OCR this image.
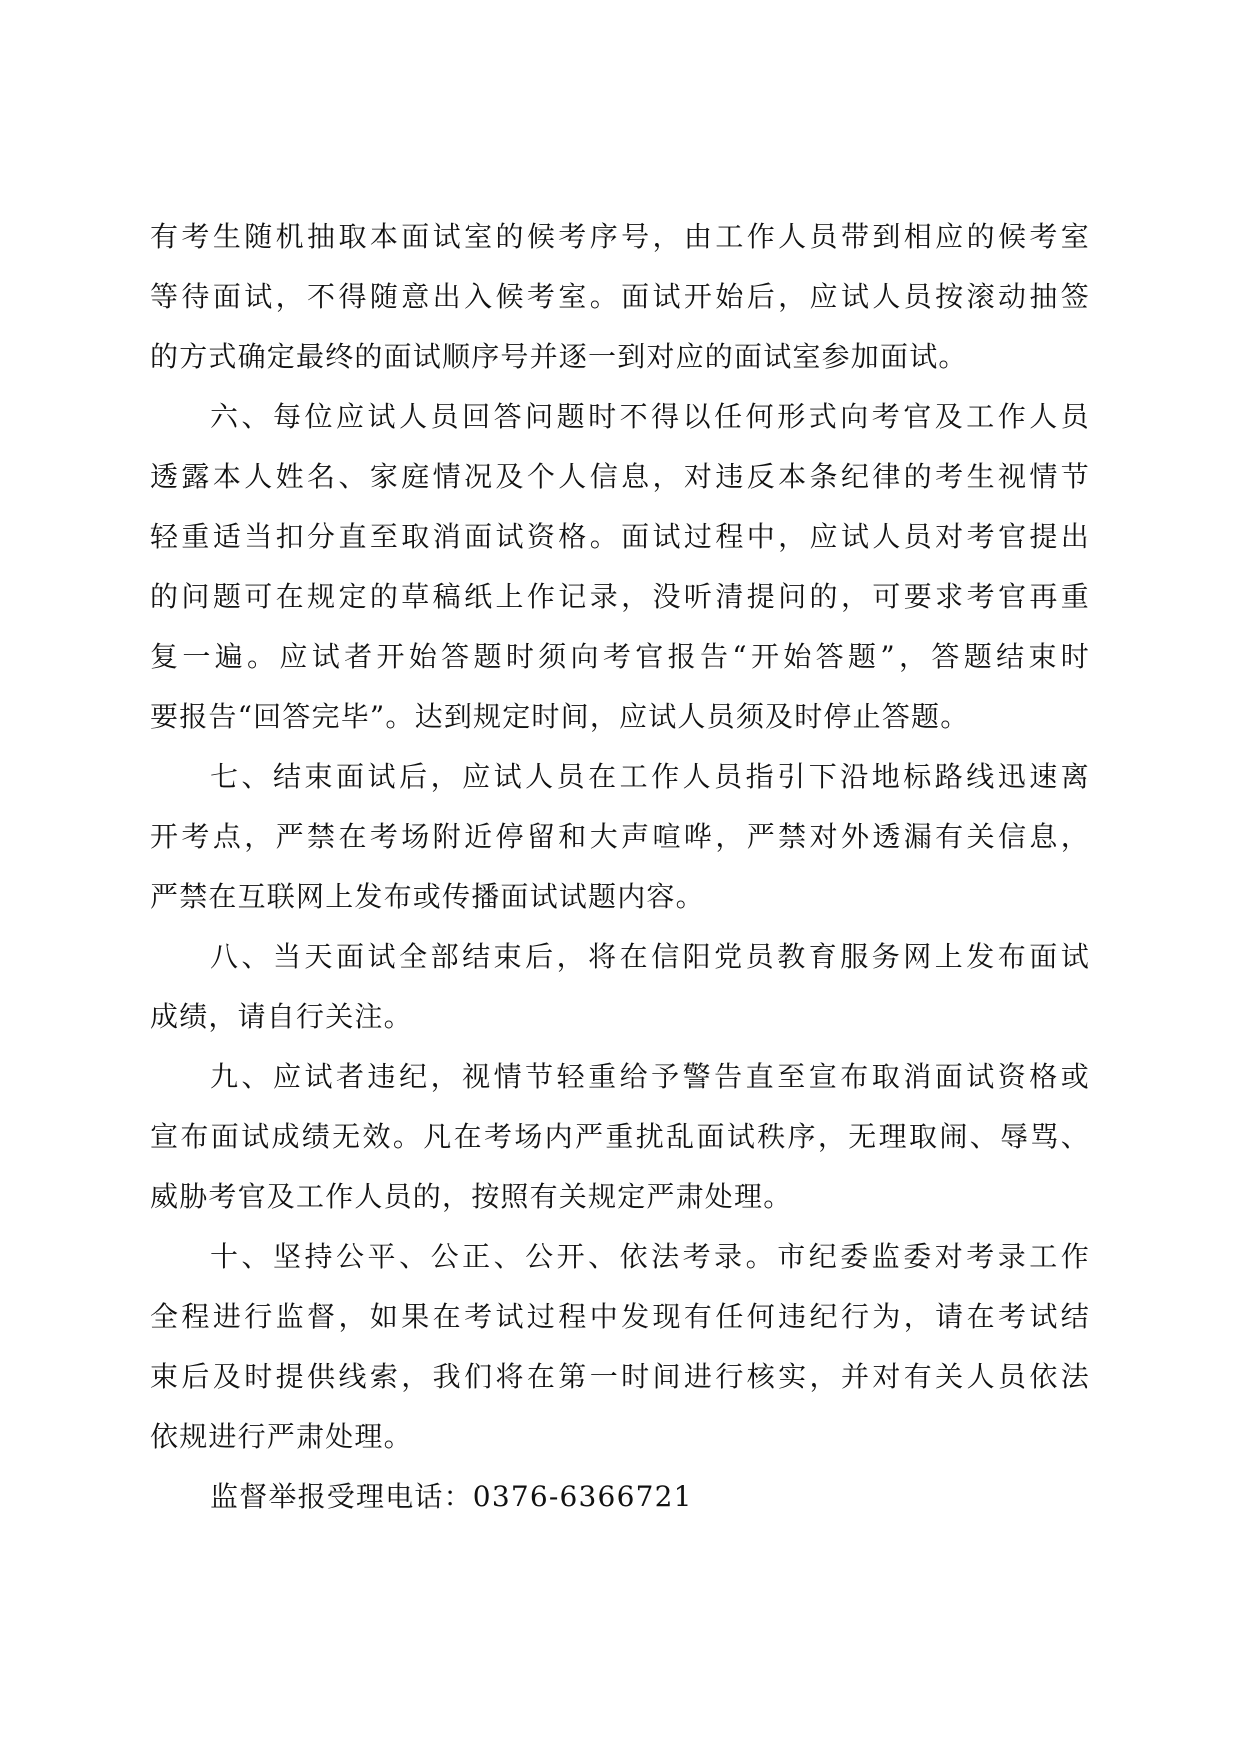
有考生随机抽取本面试室的候考序号，由工作人员带到相应的候考室
等待面试，不得随意出入候考室。面试开始后，应试人员按滚动抽签
的方式确定最终的面试顺序号并逐一到对应的面试室参加面试。
六、每位应试人员回答问题时不得以任何形式向考官及工作人员
透露本人姓名、家庭情况及个人信息，对违反本条纪律的考生视情节
轻重适当扣分直至取消面试资格。面试过程中，应试人员对考官提出
的问题可在规定的草稿纸上作记录，没听清提问的，可要求考官再重
复一遍。应试者开始答题时须向考官报告“开始答题”，答题结束时
要报告“回答完毕”。达到规定时间，应试人员须及时停止答题。
七、结束面试后，应试人员在工作人员指引下沿地标路线迅速离
开考点，严禁在考场附近停留和大声喧哗，严禁对外透漏有关信息，
严禁在互联网上发布或传播面试试题内容。
八、当天面试全部结束后，将在信阳党员教育服务网上发布面试
成绩，请自行关注。
九、应试者违纪，视情节轻重给予警告直至宣布取消面试资格或
宣布面试成绩无效。凡在考场内严重扰乱面试秩序，无理取闹、辱骂、
威胁考官及工作人员的，按照有关规定严肃处理。
十、坚持公平、公正、公开、依法考录。市纪委监委对考录工作
全程进行监督，如果在考试过程中发现有任何违纪行为，请在考试结
束后及时提供线索，我们将在第一时间进行核实，并对有关人员依法
依规进行严肃处理。
监督举报受理电话：0376-6366721
